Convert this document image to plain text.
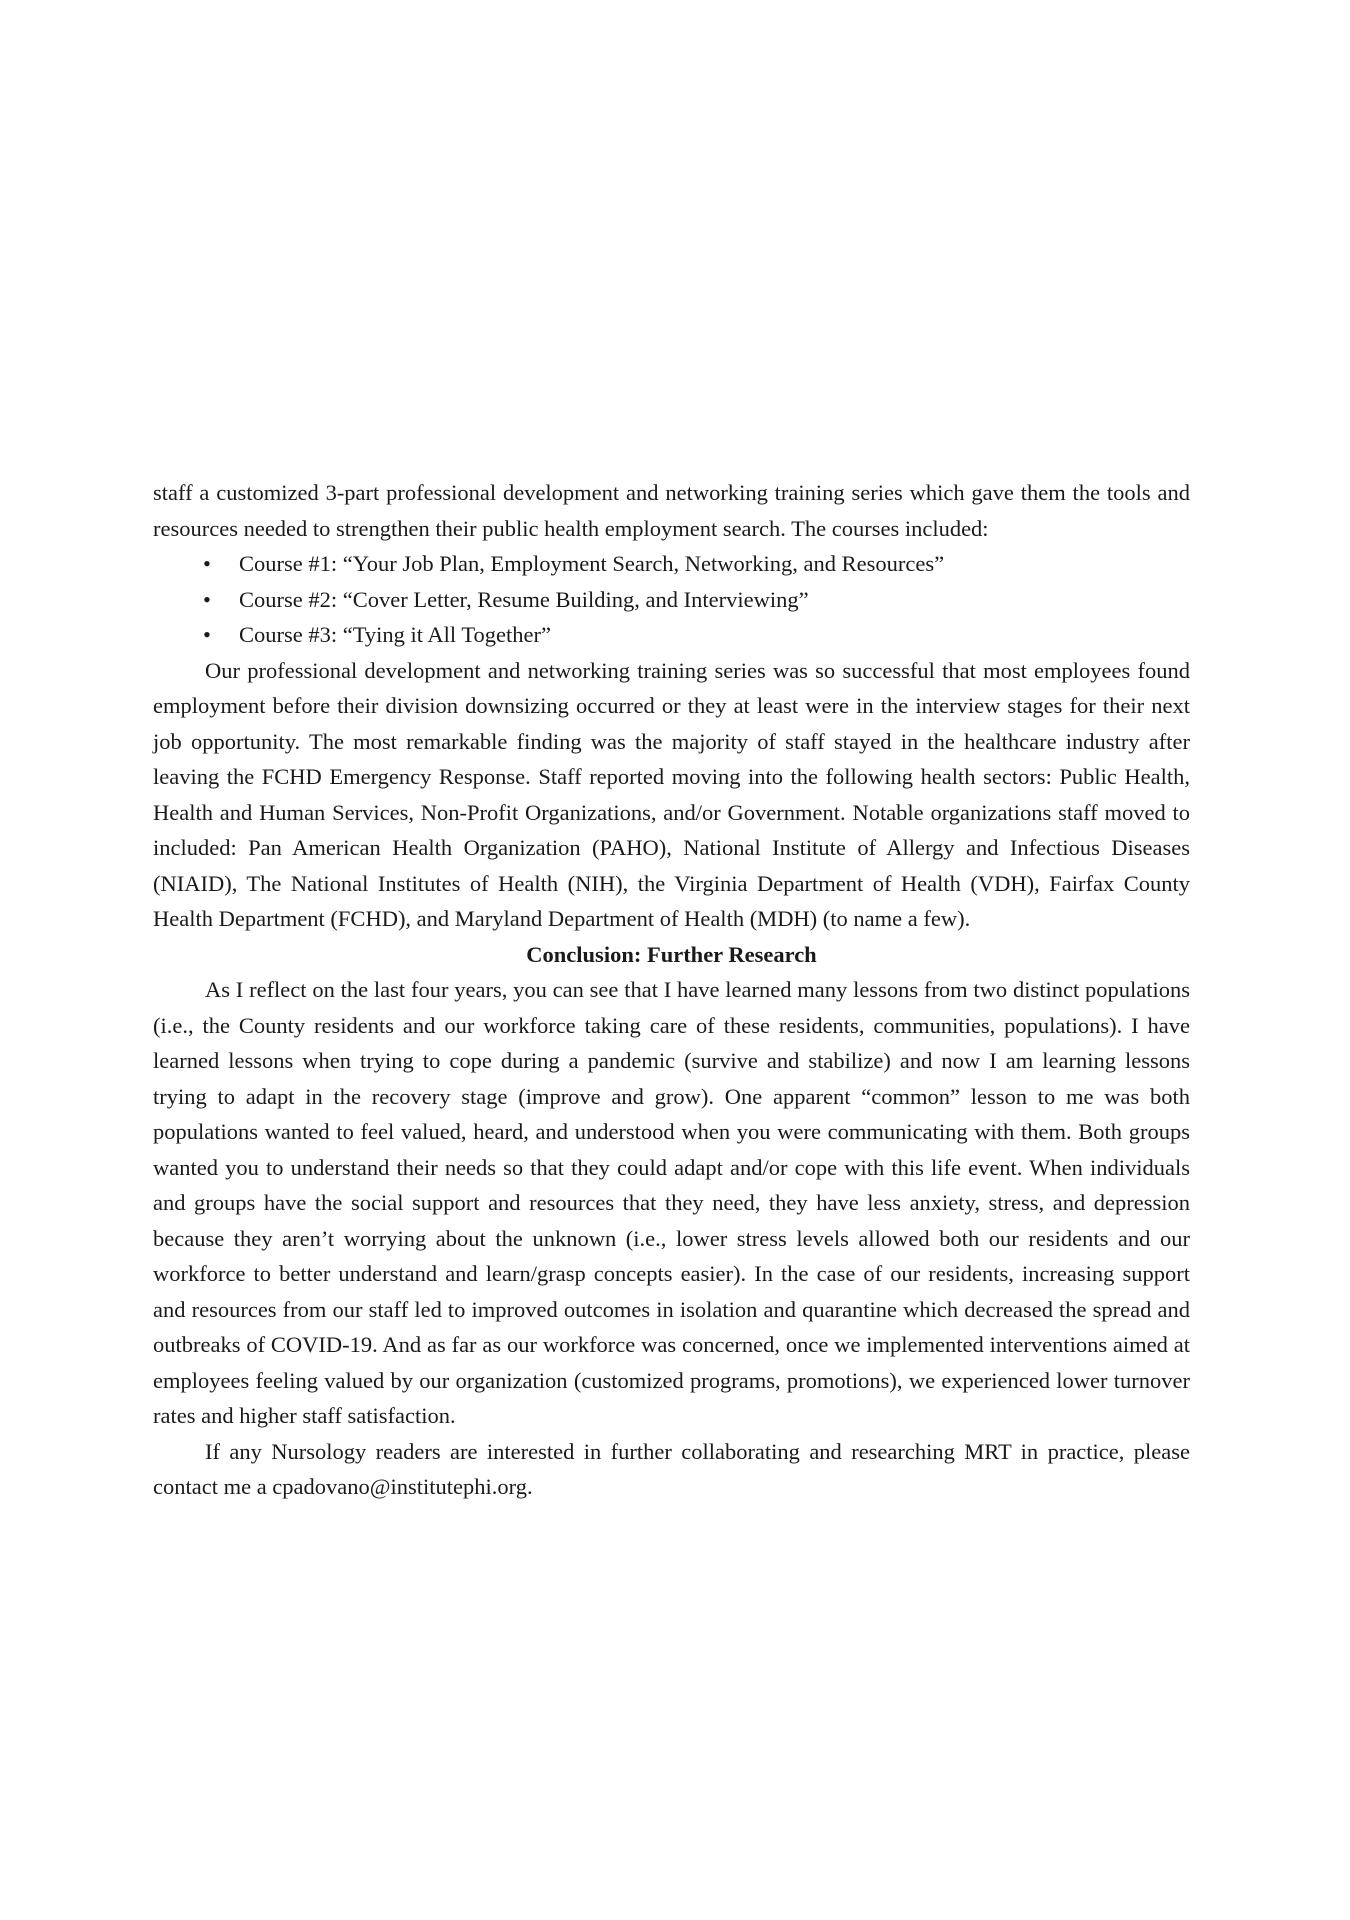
staff a customized 3-part professional development and networking training series which gave them the tools and resources needed to strengthen their public health employment search. The courses included:

• Course #1: “Your Job Plan, Employment Search, Networking, and Resources”
• Course #2: “Cover Letter, Resume Building, and Interviewing”
• Course #3: “Tying it All Together”

Our professional development and networking training series was so successful that most employees found employment before their division downsizing occurred or they at least were in the interview stages for their next job opportunity. The most remarkable finding was the majority of staff stayed in the healthcare industry after leaving the FCHD Emergency Response. Staff reported moving into the following health sectors: Public Health, Health and Human Services, Non-Profit Organizations, and/or Government. Notable organizations staff moved to included: Pan American Health Organization (PAHO), National Institute of Allergy and Infectious Diseases (NIAID), The National Institutes of Health (NIH), the Virginia Department of Health (VDH), Fairfax County Health Department (FCHD), and Maryland Department of Health (MDH) (to name a few).

Conclusion: Further Research

As I reflect on the last four years, you can see that I have learned many lessons from two distinct populations (i.e., the County residents and our workforce taking care of these residents, communities, populations). I have learned lessons when trying to cope during a pandemic (survive and stabilize) and now I am learning lessons trying to adapt in the recovery stage (improve and grow). One apparent “common” lesson to me was both populations wanted to feel valued, heard, and understood when you were communicating with them. Both groups wanted you to understand their needs so that they could adapt and/or cope with this life event. When individuals and groups have the social support and resources that they need, they have less anxiety, stress, and depression because they aren’t worrying about the unknown (i.e., lower stress levels allowed both our residents and our workforce to better understand and learn/grasp concepts easier). In the case of our residents, increasing support and resources from our staff led to improved outcomes in isolation and quarantine which decreased the spread and outbreaks of COVID-19. And as far as our workforce was concerned, once we implemented interventions aimed at employees feeling valued by our organization (customized programs, promotions), we experienced lower turnover rates and higher staff satisfaction.

If any Nursology readers are interested in further collaborating and researching MRT in practice, please contact me a cpadovano@institutephi.org.
